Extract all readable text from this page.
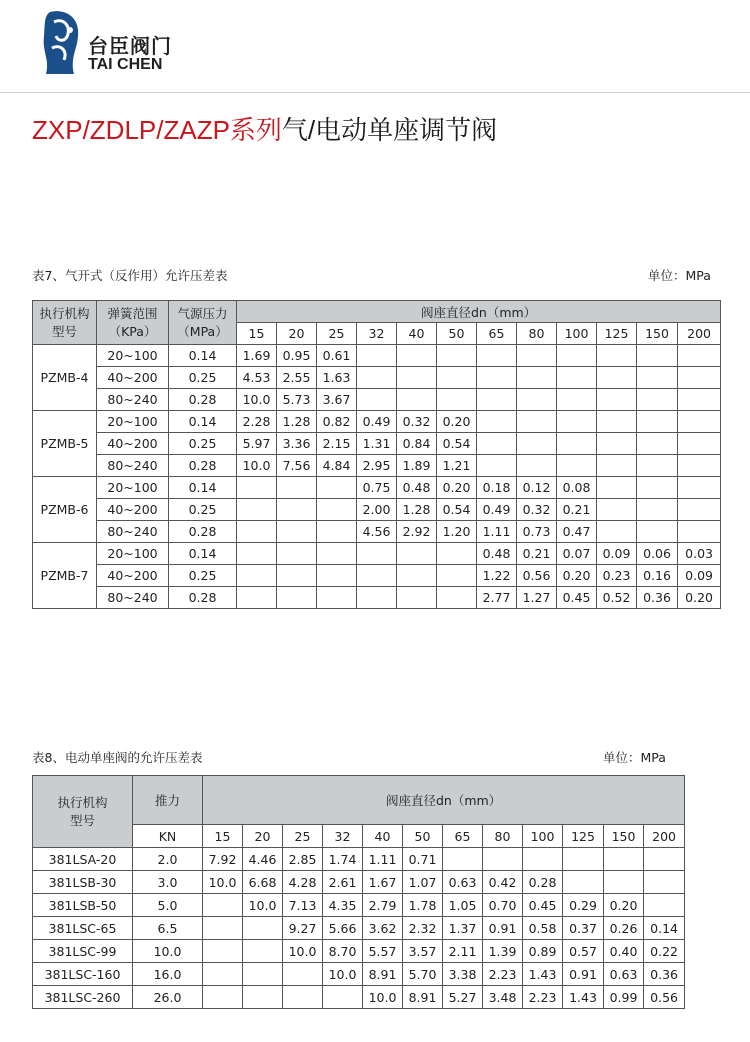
台臣阀门
TAI CHEN
ZXP/ZDLP/ZAZP系列气/电动单座调节阀
表7、气开式（反作用）允许压差表	单位：MPa
执行机构
型号	弹簧范围
（KPa）	气源压力
（MPa）	阀座直径dn（mm）											
			15	20	25	32	40	50	65	80	100	125	150	200
PZMB-4	20~100	0.14	1.69	0.95	0.61									
	40~200	0.25	4.53	2.55	1.63									
	80~240	0.28	10.0	5.73	3.67									
PZMB-5	20~100	0.14	2.28	1.28	0.82	0.49	0.32	0.20						
	40~200	0.25	5.97	3.36	2.15	1.31	0.84	0.54						
	80~240	0.28	10.0	7.56	4.84	2.95	1.89	1.21						
PZMB-6	20~100	0.14				0.75	0.48	0.20	0.18	0.12	0.08			
	40~200	0.25				2.00	1.28	0.54	0.49	0.32	0.21			
	80~240	0.28				4.56	2.92	1.20	1.11	0.73	0.47			
PZMB-7	20~100	0.14							0.48	0.21	0.07	0.09	0.06	0.03
	40~200	0.25							1.22	0.56	0.20	0.23	0.16	0.09
	80~240	0.28							2.77	1.27	0.45	0.52	0.36	0.20
表8、电动单座阀的允许压差表	单位：MPa
执行机构
型号	推力	阀座直径dn（mm）											
	KN	15	20	25	32	40	50	65	80	100	125	150	200
381LSA-20	2.0	7.92	4.46	2.85	1.74	1.11	0.71						
381LSB-30	3.0	10.0	6.68	4.28	2.61	1.67	1.07	0.63	0.42	0.28			
381LSB-50	5.0		10.0	7.13	4.35	2.79	1.78	1.05	0.70	0.45	0.29	0.20	
381LSC-65	6.5			9.27	5.66	3.62	2.32	1.37	0.91	0.58	0.37	0.26	0.14
381LSC-99	10.0			10.0	8.70	5.57	3.57	2.11	1.39	0.89	0.57	0.40	0.22
381LSC-160	16.0				10.0	8.91	5.70	3.38	2.23	1.43	0.91	0.63	0.36
381LSC-260	26.0					10.0	8.91	5.27	3.48	2.23	1.43	0.99	0.56
